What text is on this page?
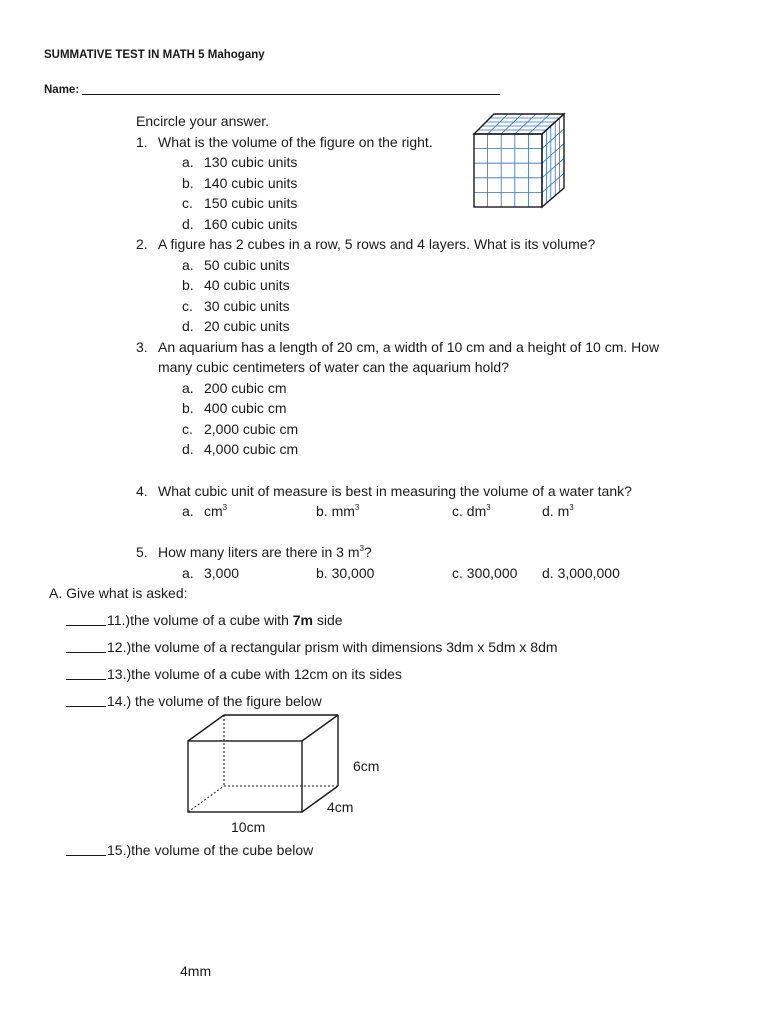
SUMMATIVE TEST IN MATH 5 Mahogany
Name:
Encircle your answer.
1. What is the volume of the figure on the right.
a. 130 cubic units
b. 140 cubic units
c. 150 cubic units
d. 160 cubic units
2. A figure has 2 cubes in a row, 5 rows and 4 layers. What is its volume?
a. 50 cubic units
b. 40 cubic units
c. 30 cubic units
d. 20 cubic units
3. An aquarium has a length of 20 cm, a width of 10 cm and a height of 10 cm. How
many cubic centimeters of water can the aquarium hold?
a. 200 cubic cm
b. 400 cubic cm
c. 2,000 cubic cm
d. 4,000 cubic cm
4. What cubic unit of measure is best in measuring the volume of a water tank?
a. $cm^3$	b. $mm^3$	c. $dm^3$	d. $m^3$
5. How many liters are there in 3 $m^3$?
a. 3,000	b. 30,000	c. 300,000 d. 3,000,000
A. Give what is asked:
11.)the volume of a cube with 7m side
12.)the volume of a rectangular prism with dimensions 3dm x 5dm x 8dm
13.)the volume of a cube with 12cm on its sides
14.) the volume of the figure below
6cm
4cm
10cm
15.)the volume of the cube below
4mm
